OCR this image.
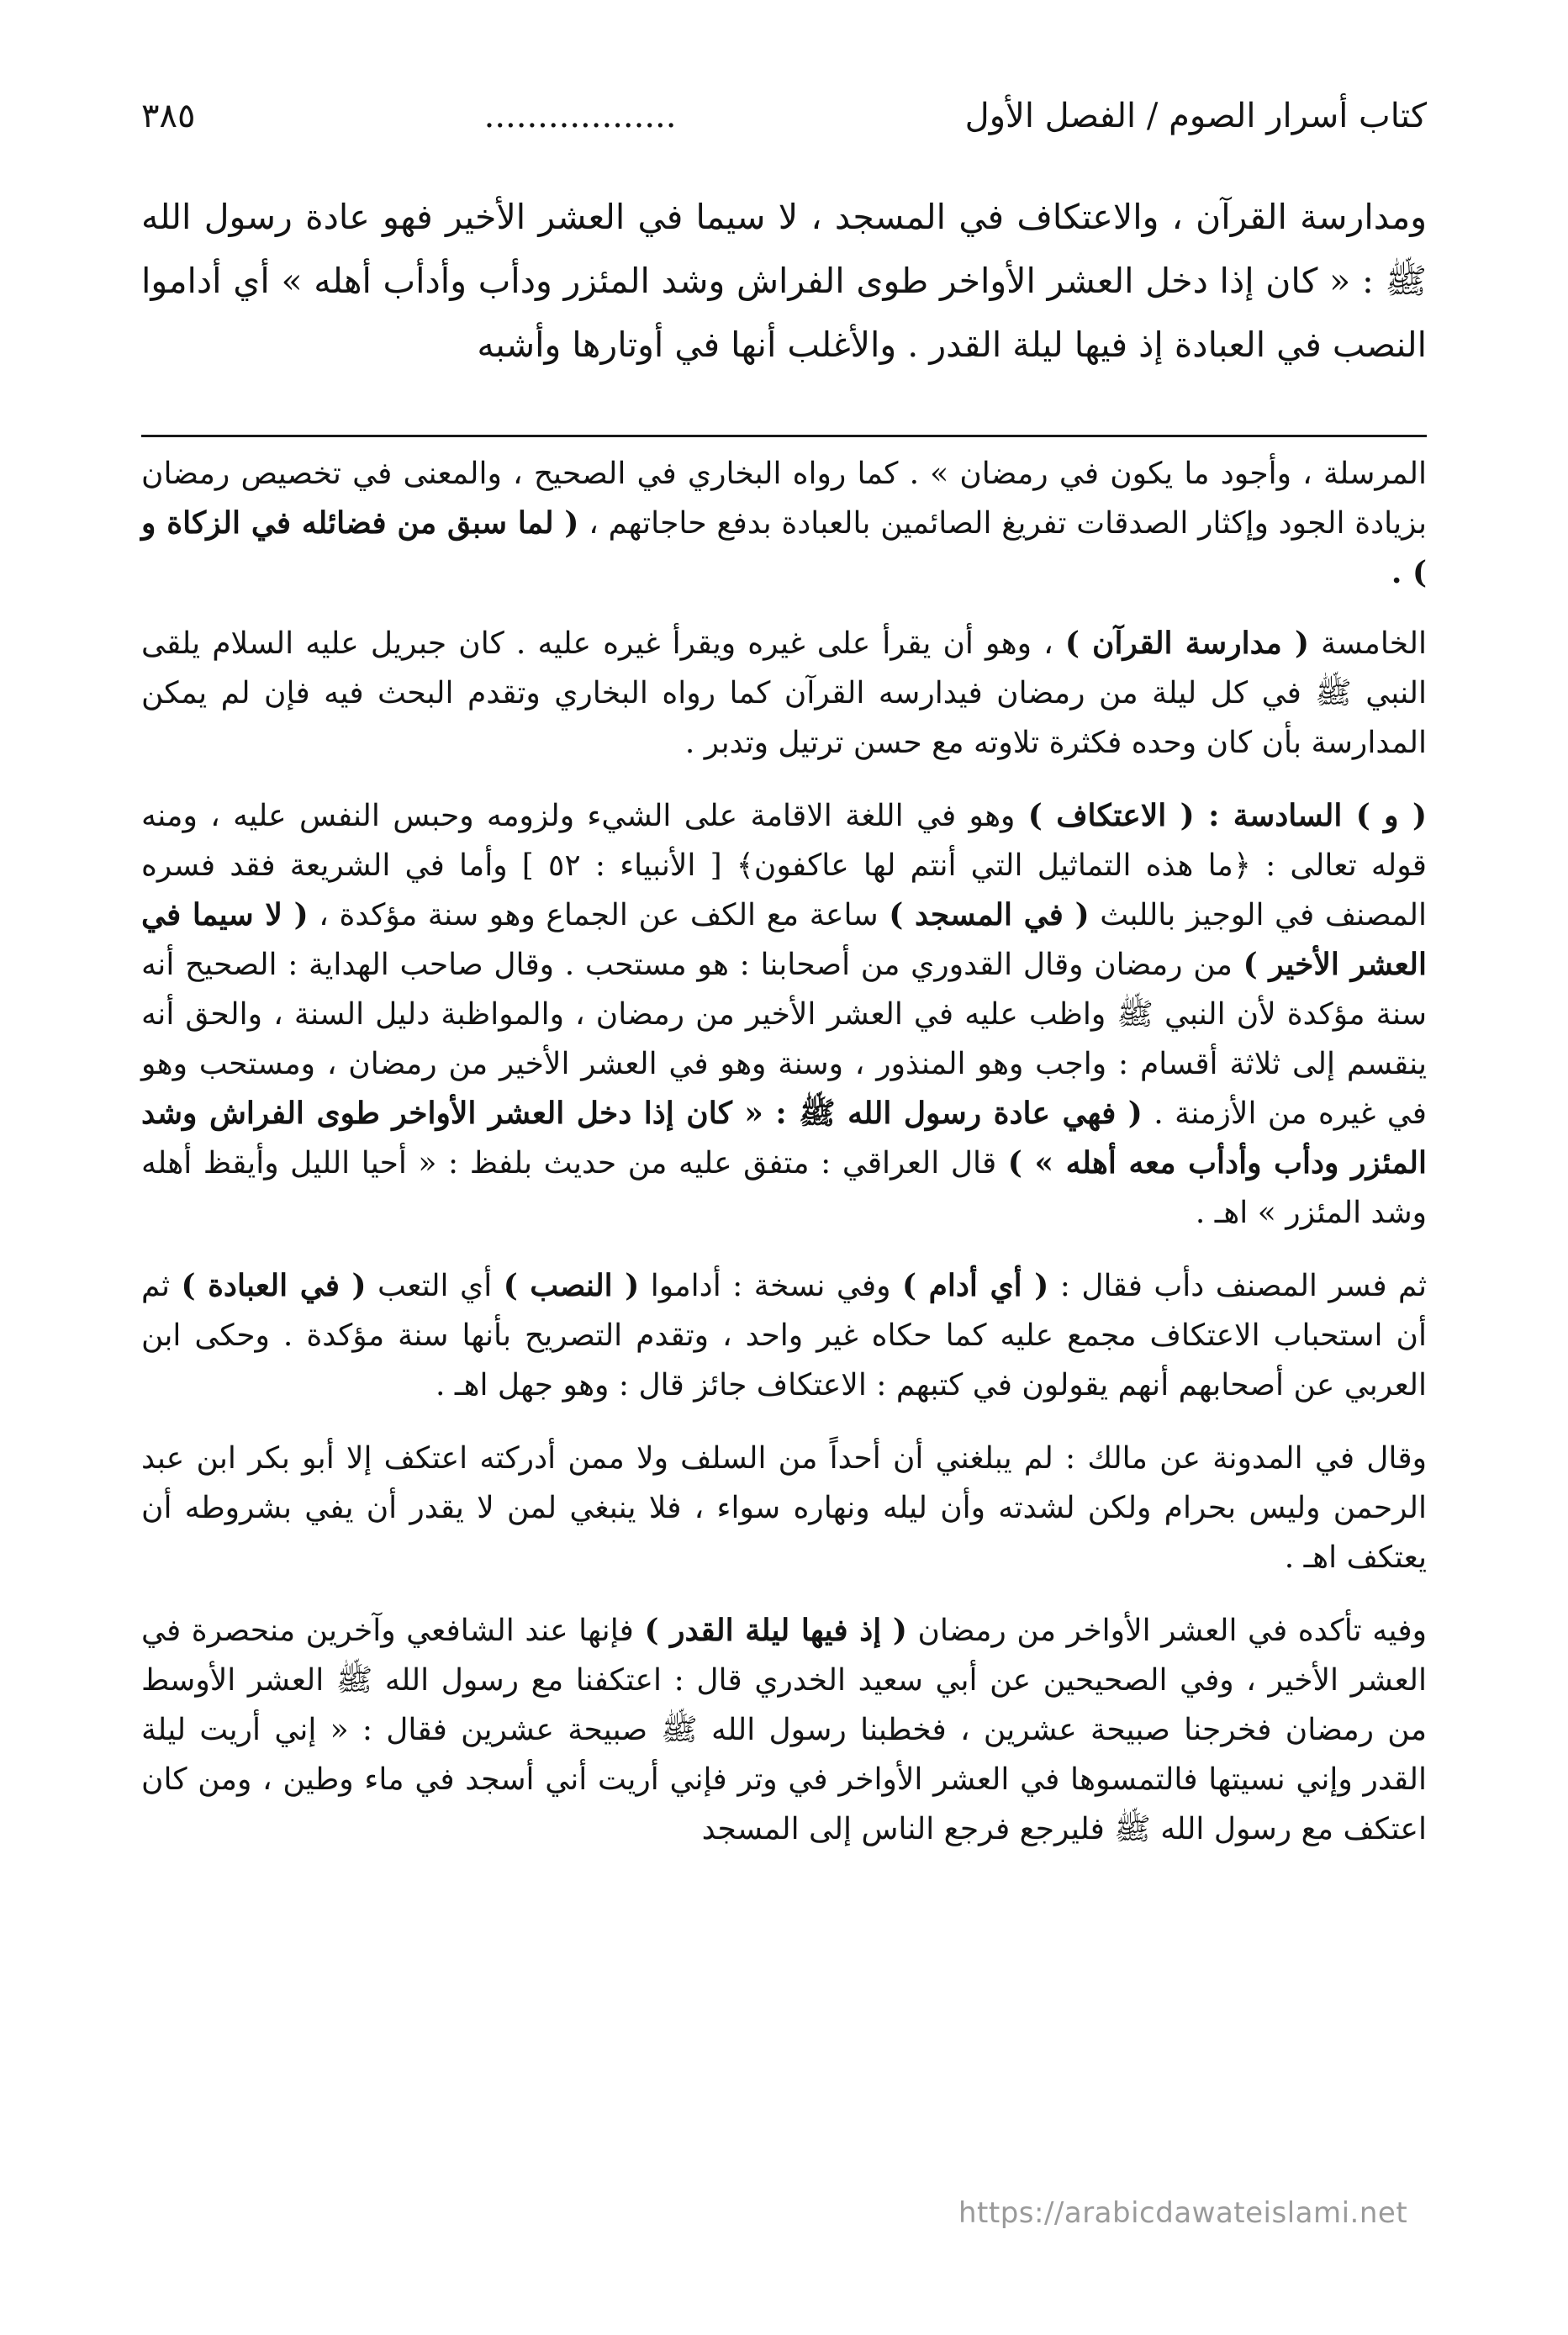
كتاب أسرار الصوم / الفصل الأول
..................
٣٨٥

ومدارسة القرآن ، والاعتكاف في المسجد ، لا سيما في العشر الأخير فهو عادة رسول الله ﷺ : « كان إذا دخل العشر الأواخر طوى الفراش وشد المئزر ودأب وأدأب أهله » أي أداموا النصب في العبادة إذ فيها ليلة القدر . والأغلب أنها في أوتارها وأشبه

المرسلة ، وأجود ما يكون في رمضان » . كما رواه البخاري في الصحيح ، والمعنى في تخصيص رمضان بزيادة الجود وإكثار الصدقات تفريغ الصائمين بالعبادة بدفع حاجاتهم ، ( لما سبق من فضائله في الزكاة و ) .

الخامسة ( مدارسة القرآن ) ، وهو أن يقرأ على غيره ويقرأ غيره عليه . كان جبريل عليه السلام يلقى النبي ﷺ في كل ليلة من رمضان فيدارسه القرآن كما رواه البخاري وتقدم البحث فيه فإن لم يمكن المدارسة بأن كان وحده فكثرة تلاوته مع حسن ترتيل وتدبر .

( و ) السادسة : ( الاعتكاف ) وهو في اللغة الاقامة على الشيء ولزومه وحبس النفس عليه ، ومنه قوله تعالى : ﴿ما هذه التماثيل التي أنتم لها عاكفون﴾ [ الأنبياء : ٥٢ ] وأما في الشريعة فقد فسره المصنف في الوجيز باللبث ( في المسجد ) ساعة مع الكف عن الجماع وهو سنة مؤكدة ، ( لا سيما في العشر الأخير ) من رمضان وقال القدوري من أصحابنا : هو مستحب . وقال صاحب الهداية : الصحيح أنه سنة مؤكدة لأن النبي ﷺ واظب عليه في العشر الأخير من رمضان ، والمواظبة دليل السنة ، والحق أنه ينقسم إلى ثلاثة أقسام : واجب وهو المنذور ، وسنة وهو في العشر الأخير من رمضان ، ومستحب وهو في غيره من الأزمنة . ( فهي عادة رسول الله ﷺ : « كان إذا دخل العشر الأواخر طوى الفراش وشد المئزر ودأب وأدأب معه أهله » ) قال العراقي : متفق عليه من حديث بلفظ : « أحيا الليل وأيقظ أهله وشد المئزر » اهـ .

ثم فسر المصنف دأب فقال : ( أي أدام ) وفي نسخة : أداموا ( النصب ) أي التعب ( في العبادة ) ثم أن استحباب الاعتكاف مجمع عليه كما حكاه غير واحد ، وتقدم التصريح بأنها سنة مؤكدة . وحكى ابن العربي عن أصحابهم أنهم يقولون في كتبهم : الاعتكاف جائز قال : وهو جهل اهـ .

وقال في المدونة عن مالك : لم يبلغني أن أحداً من السلف ولا ممن أدركته اعتكف إلا أبو بكر ابن عبد الرحمن وليس بحرام ولكن لشدته وأن ليله ونهاره سواء ، فلا ينبغي لمن لا يقدر أن يفي بشروطه أن يعتكف اهـ .

وفيه تأكده في العشر الأواخر من رمضان ( إذ فيها ليلة القدر ) فإنها عند الشافعي وآخرين منحصرة في العشر الأخير ، وفي الصحيحين عن أبي سعيد الخدري قال : اعتكفنا مع رسول الله ﷺ العشر الأوسط من رمضان فخرجنا صبيحة عشرين ، فخطبنا رسول الله ﷺ صبيحة عشرين فقال : « إني أريت ليلة القدر وإني نسيتها فالتمسوها في العشر الأواخر في وتر فإني أريت أني أسجد في ماء وطين ، ومن كان اعتكف مع رسول الله ﷺ فليرجع فرجع الناس إلى المسجد

https://arabicdawateislami.net
